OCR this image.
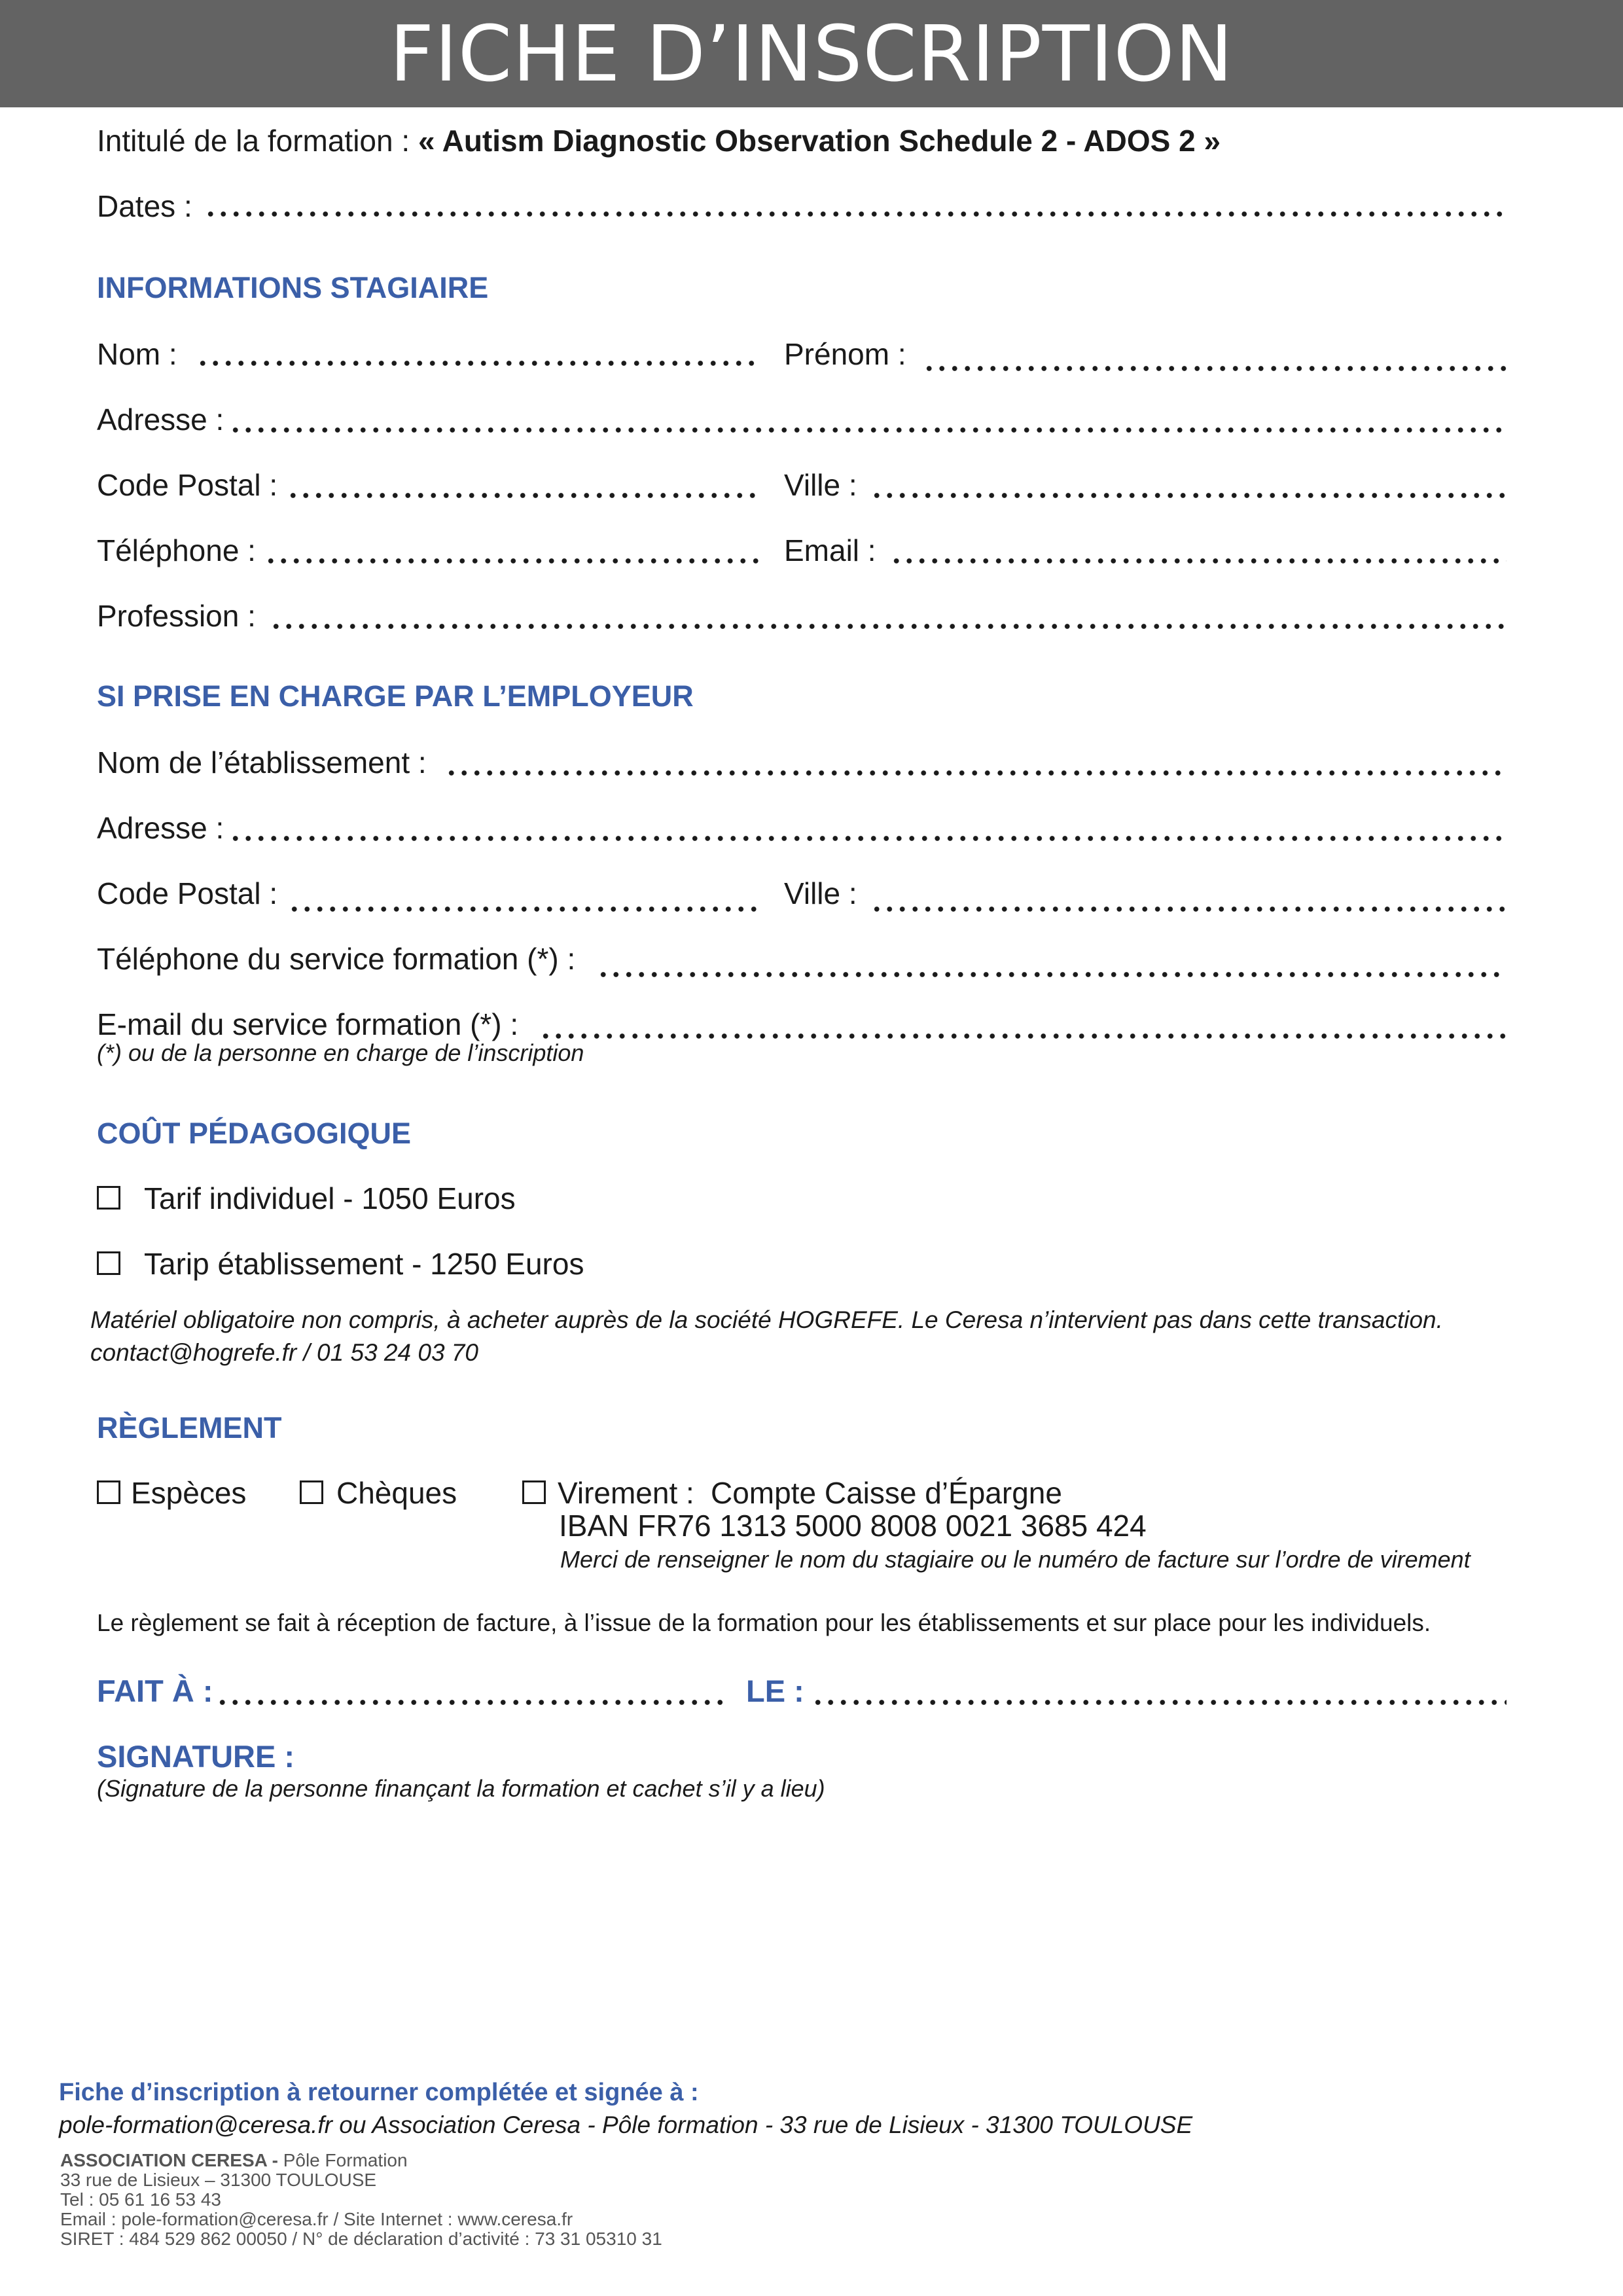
FICHE D’INSCRIPTION
Intitulé de la formation : « Autism Diagnostic Observation Schedule 2 - ADOS 2 »
Dates :
INFORMATIONS STAGIAIRE
Nom :	Prénom :
Adresse :
Code Postal :	Ville :
Téléphone :	Email :
Profession :
SI PRISE EN CHARGE PAR L’EMPLOYEUR
Nom de l’établissement :
Adresse :
Code Postal :	Ville :
Téléphone du service formation (*) :
E-mail du service formation (*) :
(*) ou de la personne en charge de l’inscription
COÛT PÉDAGOGIQUE
Tarif individuel - 1050 Euros
Tarip établissement - 1250 Euros
Matériel obligatoire non compris, à acheter auprès de la société HOGREFE. Le Ceresa n’intervient pas dans cette transaction.
contact@hogrefe.fr / 01 53 24 03 70
RÈGLEMENT
Espèces	Chèques	Virement : Compte Caisse d’Épargne
IBAN FR76 1313 5000 8008 0021 3685 424
Merci de renseigner le nom du stagiaire ou le numéro de facture sur l’ordre de virement
Le règlement se fait à réception de facture, à l’issue de la formation pour les établissements et sur place pour les individuels.
FAIT À :	LE :
SIGNATURE :
(Signature de la personne finançant la formation et cachet s’il y a lieu)
Fiche d’inscription à retourner complétée et signée à :
pole-formation@ceresa.fr ou Association Ceresa - Pôle formation - 33 rue de Lisieux - 31300 TOULOUSE
ASSOCIATION CERESA - Pôle Formation
33 rue de Lisieux – 31300 TOULOUSE
Tel : 05 61 16 53 43
Email : pole-formation@ceresa.fr / Site Internet : www.ceresa.fr
SIRET : 484 529 862 00050 / N° de déclaration d’activité : 73 31 05310 31
